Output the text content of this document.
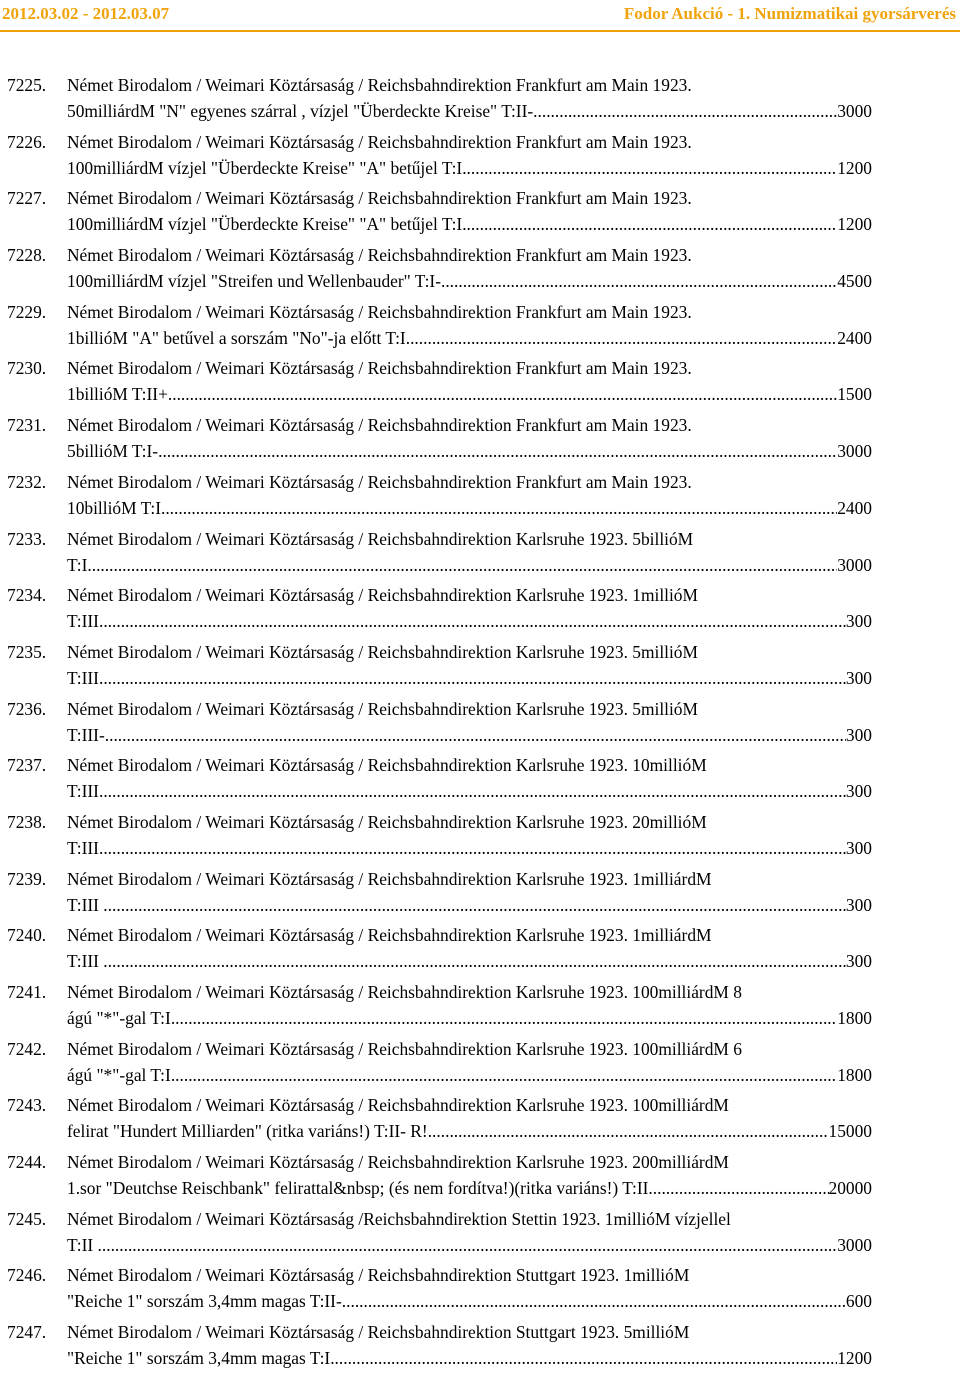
2012.03.02 - 2012.03.07	Fodor Aukció - 1. Numizmatikai gyorsárverés
7225. Német Birodalom / Weimari Köztársaság / Reichsbahndirektion Frankfurt am Main 1923.
50milliárdM "N" egyenes szárral , vízjel "Überdeckte Kreise" T:II- .....	3000
7226. Német Birodalom / Weimari Köztársaság / Reichsbahndirektion Frankfurt am Main 1923.
100milliárdM vízjel "Überdeckte Kreise" "A" betűjel T:I .....	1200
7227. Német Birodalom / Weimari Köztársaság / Reichsbahndirektion Frankfurt am Main 1923.
100milliárdM vízjel "Überdeckte Kreise" "A" betűjel T:I .....	1200
7228. Német Birodalom / Weimari Köztársaság / Reichsbahndirektion Frankfurt am Main 1923.
100milliárdM vízjel "Streifen und Wellenbauder" T:I- .....	4500
7229. Német Birodalom / Weimari Köztársaság / Reichsbahndirektion Frankfurt am Main 1923.
1billióM "A" betűvel a sorszám "No"-ja előtt T:I .....	2400
7230. Német Birodalom / Weimari Köztársaság / Reichsbahndirektion Frankfurt am Main 1923.
1billióM T:II+ .....	1500
7231. Német Birodalom / Weimari Köztársaság / Reichsbahndirektion Frankfurt am Main 1923.
5billióM T:I- .....	3000
7232. Német Birodalom / Weimari Köztársaság / Reichsbahndirektion Frankfurt am Main 1923.
10billióM T:I .....	2400
7233. Német Birodalom / Weimari Köztársaság / Reichsbahndirektion Karlsruhe 1923. 5billióM
T:I .....	3000
7234. Német Birodalom / Weimari Köztársaság / Reichsbahndirektion Karlsruhe 1923. 1millióM
T:III. .....	300
7235. Német Birodalom / Weimari Köztársaság / Reichsbahndirektion Karlsruhe 1923. 5millióM
T:III. .....	300
7236. Német Birodalom / Weimari Köztársaság / Reichsbahndirektion Karlsruhe 1923. 5millióM
T:III- .....	300
7237. Német Birodalom / Weimari Köztársaság / Reichsbahndirektion Karlsruhe 1923. 10millióM
T:III. .....	300
7238. Német Birodalom / Weimari Köztársaság / Reichsbahndirektion Karlsruhe 1923. 20millióM
T:III. .....	300
7239. Német Birodalom / Weimari Köztársaság / Reichsbahndirektion Karlsruhe 1923. 1milliárdM
T:III . .....	300
7240. Német Birodalom / Weimari Köztársaság / Reichsbahndirektion Karlsruhe 1923. 1milliárdM
T:III . .....	300
7241. Német Birodalom / Weimari Köztársaság / Reichsbahndirektion Karlsruhe 1923. 100milliárdM 8
ágú "*"-gal T:I .....	1800
7242. Német Birodalom / Weimari Köztársaság / Reichsbahndirektion Karlsruhe 1923. 100milliárdM 6
ágú "*"-gal T:I .....	1800
7243. Német Birodalom / Weimari Köztársaság / Reichsbahndirektion Karlsruhe 1923. 100milliárdM
felirat "Hundert Milliarden" (ritka variáns!) T:II- R! .....	15000
7244. Német Birodalom / Weimari Köztársaság / Reichsbahndirektion Karlsruhe 1923. 200milliárdM
1.sor "Deutchse Reischbank" felirattal&nbsp; (és nem fordítva!)(ritka variáns!) T:II .....	20000
7245. Német Birodalom / Weimari Köztársaság /Reichsbahndirektion Stettin 1923. 1millióM vízjellel
T:II . .....	3000
7246. Német Birodalom / Weimari Köztársaság / Reichsbahndirektion Stuttgart 1923. 1millióM
"Reiche 1" sorszám 3,4mm magas T:II- .....	600
7247. Német Birodalom / Weimari Köztársaság / Reichsbahndirektion Stuttgart 1923. 5millióM
"Reiche 1" sorszám 3,4mm magas T:I .....	1200
